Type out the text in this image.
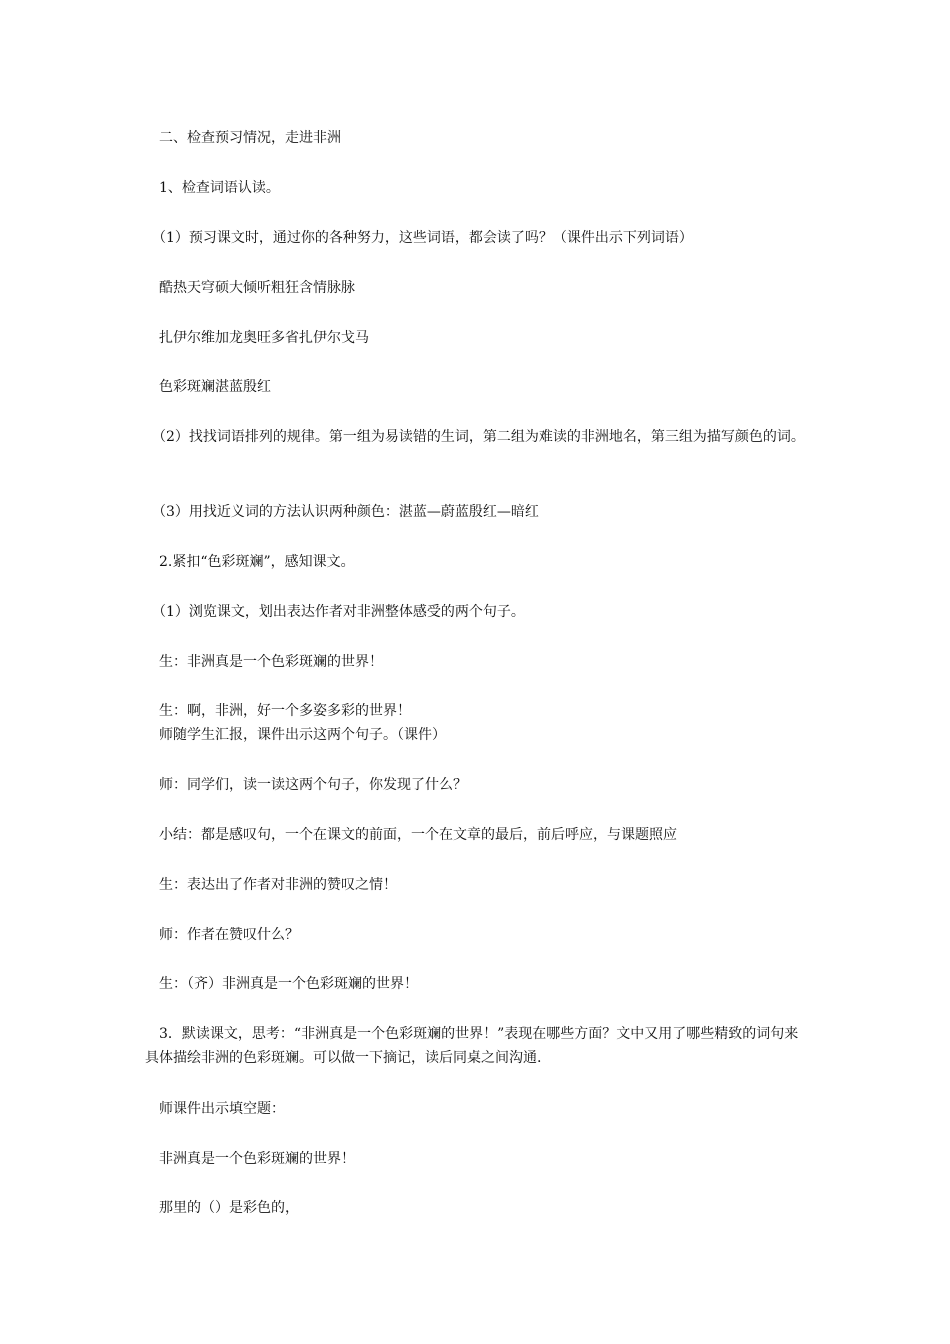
　二、检查预习情况，走进非洲
　1、检查词语认读。
　（1）预习课文时，通过你的各种努力，这些词语，都会读了吗？（课件出示下列词语）
　酷热天穹硕大倾听粗狂含情脉脉
　扎伊尔维加龙奥旺多省扎伊尔戈马
　色彩斑斓湛蓝殷红
　（2）找找词语排列的规律。第一组为易读错的生词，第二组为难读的非洲地名，第三组为描写颜色的词。
　（3）用找近义词的方法认识两种颜色：湛蓝—蔚蓝殷红—暗红
　2.紧扣“色彩斑斓”，感知课文。
　（1）浏览课文，划出表达作者对非洲整体感受的两个句子。
　生：非洲真是一个色彩斑斓的世界！
　生：啊，非洲，好一个多姿多彩的世界！
　师随学生汇报，课件出示这两个句子。（课件）
　师：同学们，读一读这两个句子，你发现了什么？
　小结：都是感叹句，一个在课文的前面，一个在文章的最后，前后呼应，与课题照应
　生：表达出了作者对非洲的赞叹之情！
　师：作者在赞叹什么？
　生：（齐）非洲真是一个色彩斑斓的世界！
　3．默读课文，思考：“非洲真是一个色彩斑斓的世界！”表现在哪些方面？文中又用了哪些精致的词句来具体描绘非洲的色彩斑斓。可以做一下摘记，读后同桌之间沟通.
　师课件出示填空题：
　非洲真是一个色彩斑斓的世界！
　那里的（）是彩色的，
